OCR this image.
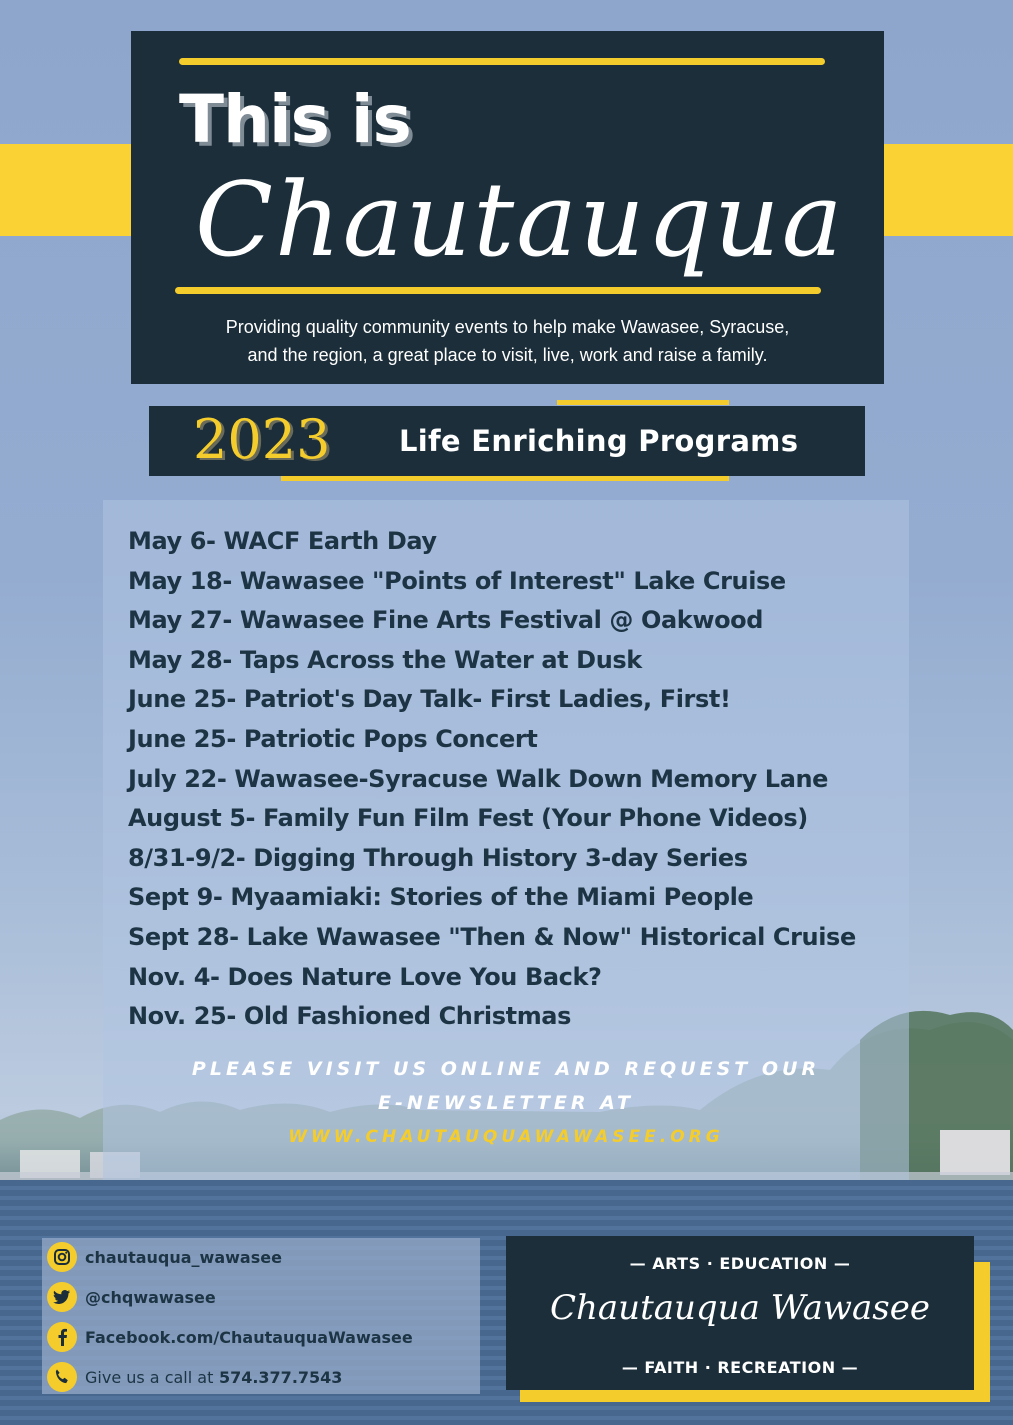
This is
Chautauqua
Providing quality community events to help make Wawasee, Syracuse,
and the region, a great place to visit, live, work and raise a family.
2023 Life Enriching Programs
May 6- WACF Earth Day
May 18- Wawasee "Points of Interest" Lake Cruise
May 27- Wawasee Fine Arts Festival @ Oakwood
May 28- Taps Across the Water at Dusk
June 25- Patriot's Day Talk- First Ladies, First!
June 25- Patriotic Pops Concert
July 22- Wawasee-Syracuse Walk Down Memory Lane
August 5- Family Fun Film Fest (Your Phone Videos)
8/31-9/2- Digging Through History 3-day Series
Sept 9- Myaamiaki: Stories of the Miami People
Sept 28- Lake Wawasee "Then & Now" Historical Cruise
Nov. 4- Does Nature Love You Back?
Nov. 25- Old Fashioned Christmas
PLEASE VISIT US ONLINE AND REQUEST OUR
E-NEWSLETTER AT
WWW.CHAUTAUQUAWAWASEE.ORG
chautauqua_wawasee
@chqwawasee
Facebook.com/ChautauquaWawasee
Give us a call at 574.377.7543
— ARTS · EDUCATION —
Chautauqua Wawasee
— FAITH · RECREATION —
